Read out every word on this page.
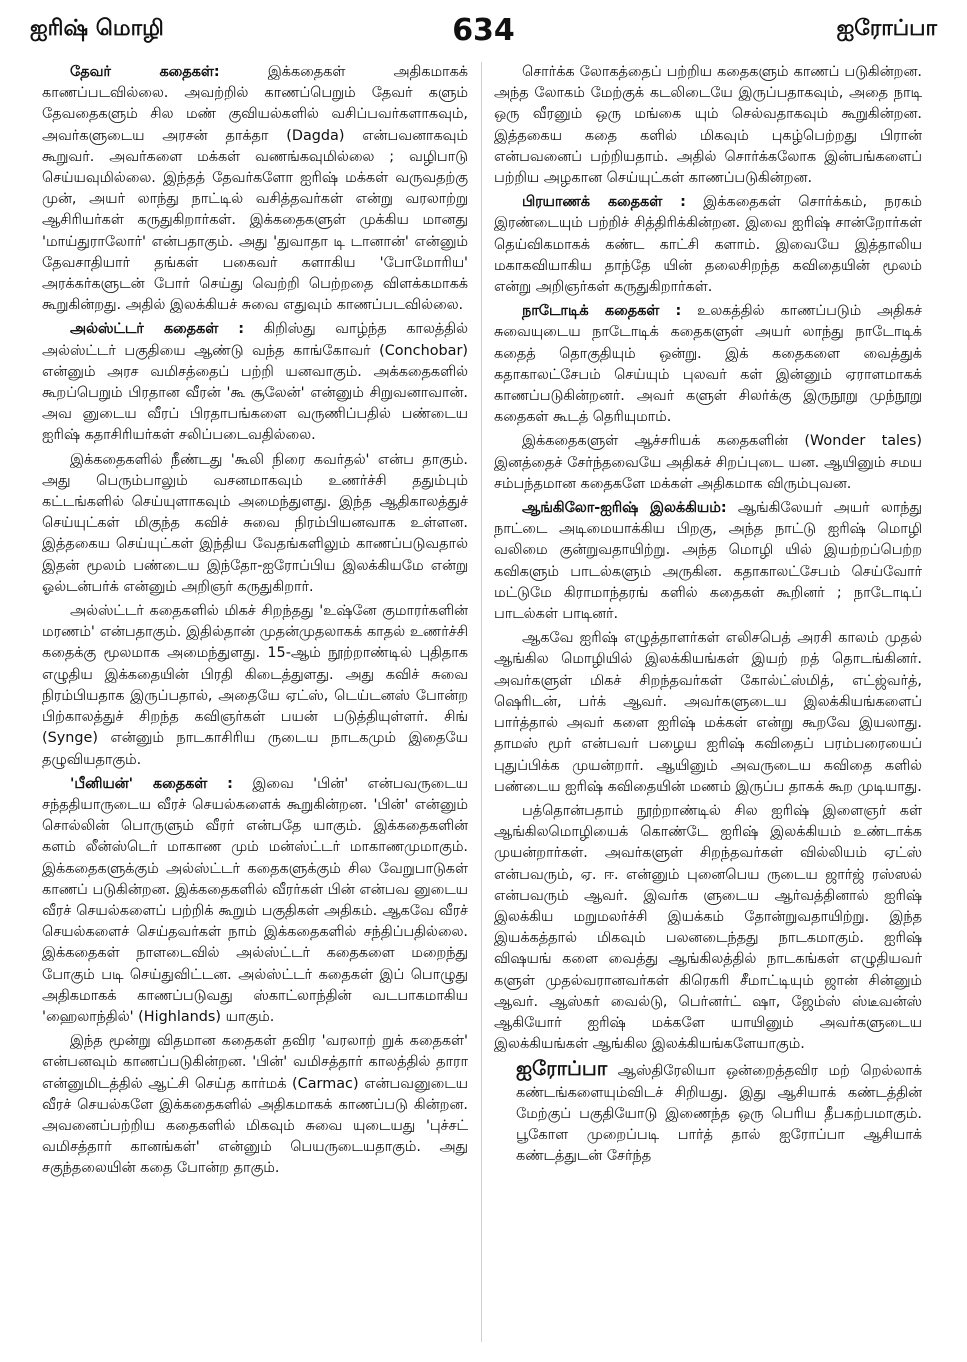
ஐரிஷ் மொழி	634	ஐரோப்பா

தேவர் கதைகள்: இக்கதைகள் அதிகமாகக் காணப்படவில்லை. அவற்றில் காணப்பெறும் தேவர் களும் தேவதைகளும் சில மண் குவியல்களில் வசிப்பவர்களாகவும், அவர்களுடைய அரசன் தாக்தா (Dagda) என்பவனாகவும் கூறுவர். அவர்களை மக்கள் வணங்கவுமில்லை ; வழிபாடு செய்யவுமில்லை. இந்தத் தேவர்களோ ஐரிஷ் மக்கள் வருவதற்கு முன், அயர் லாந்து நாட்டில் வசித்தவர்கள் என்று வரலாற்று ஆசிரியர்கள் கருதுகிறார்கள். இக்கதைகளுள் முக்கிய மானது 'மாய்துராலோர்' என்பதாகும். அது 'துவாதா டி டானான்' என்னும் தேவசாதியார் தங்கள் பகைவர் களாகிய 'போமோரிய' அரக்கர்களுடன் போர் செய்து வெற்றி பெற்றதை விளக்கமாகக் கூறுகின்றது. அதில் இலக்கியச் சுவை எதுவும் காணப்படவில்லை.

அல்ஸ்ட்டர் கதைகள் : கிறிஸ்து வாழ்ந்த காலத்தில் அல்ஸ்ட்டர் பகுதியை ஆண்டு வந்த காங்கோவர் (Conchobar) என்னும் அரச வமிசத்தைப் பற்றி யனவாகும். அக்கதைகளில் கூறப்பெறும் பிரதான வீரன் 'கூ சூலேன்' என்னும் சிறுவனாவான். அவ னுடைய வீரப் பிரதாபங்களை வருணிப்பதில் பண்டைய ஐரிஷ் கதாசிரியர்கள் சலிப்படைவதில்லை.

இக்கதைகளில் நீண்டது 'கூலி நிரை கவர்தல்' என்ப தாகும். அது பெரும்பாலும் வசனமாகவும் உணர்ச்சி ததும்பும் கட்டங்களில் செய்யுளாகவும் அமைந்துளது. இந்த ஆதிகாலத்துச் செய்யுட்கள் மிகுந்த கவிச் சுவை நிரம்பியனவாக உள்ளன. இத்தகைய செய்யுட்கள் இந்திய வேதங்களிலும் காணப்படுவதால் இதன் மூலம் பண்டைய இந்தோ-ஐரோப்பிய இலக்கியமே என்று ஓல்டன்பர்க் என்னும் அறிஞர் கருதுகிறார்.

அல்ஸ்ட்டர் கதைகளில் மிகச் சிறந்தது 'உஷ்னே குமாரர்களின் மரணம்' என்பதாகும். இதில்தான் முதன்முதலாகக் காதல் உணர்ச்சி கதைக்கு மூலமாக அமைந்துளது. 15-ஆம் நூற்றாண்டில் புதிதாக எழுதிய இக்கதையின் பிரதி கிடைத்துளது. அது கவிச் சுவை நிரம்பியதாக இருப்பதால், அதையே ஏட்ஸ், டெய்டனஸ் போன்ற பிற்காலத்துச் சிறந்த கவிஞர்கள் பயன் படுத்தியுள்ளர். சிங் (Synge) என்னும் நாடகாசிரிய ருடைய நாடகமும் இதையே தழுவியதாகும்.

'பீனியன்' கதைகள் : இவை 'பின்' என்பவருடைய சந்ததியாருடைய வீரச் செயல்களைக் கூறுகின்றன. 'பின்' என்னும் சொல்லின் பொருளும் வீரர் என்பதே யாகும். இக்கதைகளின் களம் லீன்ஸ்டெர் மாகாண மும் மன்ஸ்ட்டர் மாகாணமுமாகும். இக்கதைகளுக்கும் அல்ஸ்ட்டர் கதைகளுக்கும் சில வேறுபாடுகள் காணப் படுகின்றன. இக்கதைகளில் வீரர்கள் பின் என்பவ னுடைய வீரச் செயல்களைப் பற்றிக் கூறும் பகுதிகள் அதிகம். ஆகவே வீரச் செயல்களைச் செய்தவர்கள் நாம் இக்கதைகளில் சந்திப்பதில்லை. இக்கதைகள் நாளடைவில் அல்ஸ்ட்டர் கதைகளை மறைந்து போகும் படி செய்துவிட்டன. அல்ஸ்ட்டர் கதைகள் இப் பொழுது அதிகமாகக் காணப்படுவது ஸ்காட்லாந்தின் வடபாகமாகிய 'ஹைலாந்தில்' (Highlands) யாகும்.

இந்த மூன்று விதமான கதைகள் தவிர 'வரலாற் றுக் கதைகள்' என்பனவும் காணப்படுகின்றன. 'பின்' வமிசத்தார் காலத்தில் தாரா என்னுமிடத்தில் ஆட்சி செய்த கார்மக் (Carmac) என்பவனுடைய வீரச் செயல்களே இக்கதைகளில் அதிகமாகக் காணப்படு கின்றன. அவனைப்பற்றிய கதைகளில் மிகவும் சுவை யுடையது 'புச்சட் வமிசத்தார் கானங்கள்' என்னும் பெயருடையதாகும். அது சகுந்தலையின் கதை போன்ற தாகும்.

சொர்க்க லோகத்தைப் பற்றிய கதைகளும் காணப் படுகின்றன. அந்த லோகம் மேற்குக் கடலிடையே இருப்பதாகவும், அதை நாடி ஒரு வீரனும் ஒரு மங்கை யும் செல்வதாகவும் கூறுகின்றன. இத்தகைய கதை களில் மிகவும் புகழ்பெற்றது பிரான் என்பவனைப் பற்றியதாம். அதில் சொர்க்கலோக இன்பங்களைப் பற்றிய அழகான செய்யுட்கள் காணப்படுகின்றன.

பிரயாணக் கதைகள் : இக்கதைகள் சொர்க்கம், நரகம் இரண்டையும் பற்றிச் சித்திரிக்கின்றன. இவை ஐரிஷ் சான்றோர்கள் தெய்விகமாகக் கண்ட காட்சி களாம். இவையே இத்தாலிய மகாகவியாகிய தாந்தே யின் தலைசிறந்த கவிதையின் மூலம் என்று அறிஞர்கள் கருதுகிறார்கள்.

நாடோடிக் கதைகள் : உலகத்தில் காணப்படும் அதிகச் சுவையுடைய நாடோடிக் கதைகளுள் அயர் லாந்து நாடோடிக் கதைத் தொகுதியும் ஒன்று. இக் கதைகளை வைத்துக் கதாகாலட்சேபம் செய்யும் புலவர் கள் இன்னும் ஏராளமாகக் காணப்படுகின்றனர். அவர் களுள் சிலர்க்கு இருநூறு முந்நூறு கதைகள் கூடத் தெரியுமாம்.

இக்கதைகளுள் ஆச்சரியக் கதைகளின் (Wonder tales) இனத்தைச் சேர்ந்தவையே அதிகச் சிறப்புடை யன. ஆயினும் சமய சம்பந்தமான கதைகளே மக்கள் அதிகமாக விரும்புவன.

ஆங்கிலோ-ஐரிஷ் இலக்கியம்: ஆங்கிலேயர் அயர் லாந்து நாட்டை அடிமையாக்கிய பிறகு, அந்த நாட்டு ஐரிஷ் மொழி வலிமை குன்றுவதாயிற்று. அந்த மொழி யில் இயற்றப்பெற்ற கவிகளும் பாடல்களும் அருகின. கதாகாலட்சேபம் செய்வோர் மட்டுமே கிராமாந்தரங் களில் கதைகள் கூறினர் ; நாடோடிப் பாடல்கள் பாடினர்.

ஆகவே ஐரிஷ் எழுத்தாளர்கள் எலிசபெத் அரசி காலம் முதல் ஆங்கில மொழியில் இலக்கியங்கள் இயற் றத் தொடங்கினர். அவர்களுள் மிகச் சிறந்தவர்கள் கோல்ட்ஸ்மித், எட்ஜ்வர்த், ஷெரிடன், பர்க் ஆவர். அவர்களுடைய இலக்கியங்களைப் பார்த்தால் அவர் களை ஐரிஷ் மக்கள் என்று கூறவே இயலாது. தாமஸ் மூர் என்பவர் பழைய ஐரிஷ் கவிதைப் பரம்பரையைப் புதுப்பிக்க முயன்றார். ஆயினும் அவருடைய கவிதை களில் பண்டைய ஐரிஷ் கவிதையின் மணம் இருப்ப தாகக் கூற முடியாது.

பத்தொன்பதாம் நூற்றாண்டில் சில ஐரிஷ் இளைஞர் கள் ஆங்கிலமொழியைக் கொண்டே ஐரிஷ் இலக்கியம் உண்டாக்க முயன்றார்கள். அவர்களுள் சிறந்தவர்கள் வில்லியம் ஏட்ஸ் என்பவரும், ஏ. ஈ. என்னும் புனைபெய ருடைய ஜார்ஜ் ரஸ்ஸல் என்பவரும் ஆவர். இவர்க ளுடைய ஆர்வத்தினால் ஐரிஷ் இலக்கிய மறுமலர்ச்சி இயக்கம் தோன்றுவதாயிற்று. இந்த இயக்கத்தால் மிகவும் பலனடைந்தது நாடகமாகும். ஐரிஷ் விஷயங் களை வைத்து ஆங்கிலத்தில் நாடகங்கள் எழுதியவர் களுள் முதல்வரானவர்கள் கிரெகரி சீமாட்டியும் ஜான் சின்னும் ஆவர். ஆஸ்கர் வைல்டு, பெர்னர்ட் ஷா, ஜேம்ஸ் ஸ்டீவன்ஸ் ஆகியோர் ஐரிஷ் மக்களே யாயினும் அவர்களுடைய இலக்கியங்கள் ஆங்கில இலக்கியங்களேயாகும்.

ஐரோப்பா ஆஸ்திரேலியா ஒன்றைத்தவிர மற் றெல்லாக் கண்டங்களையும்விடச் சிறியது. இது ஆசியாக் கண்டத்தின் மேற்குப் பகுதியோடு இணைந்த ஒரு பெரிய தீபகற்பமாகும். பூகோள முறைப்படி பார்த் தால் ஐரோப்பா ஆசியாக் கண்டத்துடன் சேர்ந்த
